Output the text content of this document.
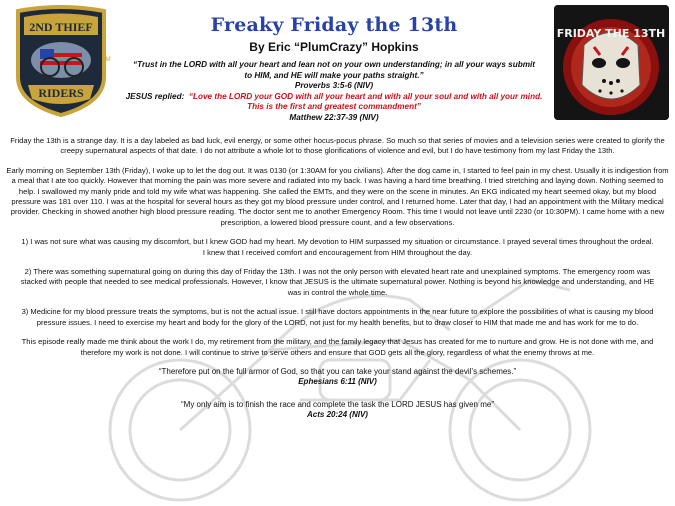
2ND THIEF
TM
RIDERS
FRIDAY THE 13TH
Freaky Friday the 13th
By Eric “PlumCrazy” Hopkins
“Trust in the LORD with all your heart and lean not on your own understanding; in all your ways submit
to HIM, and HE will make your paths straight.”
Proverbs 3:5-6 (NIV)
JESUS replied: “Love the LORD your GOD with all your heart and with all your soul and with all your mind.
This is the first and greatest commandment”
Matthew 22:37-39 (NIV)

Friday the 13th is a strange day. It is a day labeled as bad luck, evil energy, or some other hocus-pocus phrase. So much so that series of movies and a television series were created to glorify the creepy supernatural aspects of that date. I do not attribute a whole lot to those glorifications of violence and evil, but I do have testimony from my last Friday the 13th.

Early morning on September 13th (Friday), I woke up to let the dog out. It was 0130 (or 1:30AM for you civilians). After the dog came in, I started to feel pain in my chest. Usually it is indigestion from a meal that I ate too quickly. However that morning the pain was more severe and radiated into my back. I was having a hard time breathing. I tried stretching and laying down. Nothing seemed to help. I swallowed my manly pride and told my wife what was happening. She called the EMTs, and they were on the scene in minutes. An EKG indicated my heart seemed okay, but my blood pressure was 181 over 110. I was at the hospital for several hours as they got my blood pressure under control, and I returned home. Later that day, I had an appointment with the Military medical provider. Checking in showed another high blood pressure reading. The doctor sent me to another Emergency Room. This time I would not leave until 2230 (or 10:30PM). I came home with a new prescription, a lowered blood pressure count, and a few observations.

1) I was not sure what was causing my discomfort, but I knew GOD had my heart. My devotion to HIM surpassed my situation or circumstance. I prayed several times throughout the ordeal. I knew that I received comfort and encouragement from HIM throughout the day.

2) There was something supernatural going on during this day of Friday the 13th. I was not the only person with elevated heart rate and unexplained symptoms. The emergency room was stacked with people that needed to see medical professionals. However, I know that JESUS is the ultimate supernatural power. Nothing is beyond his knowledge and understanding, and HE was in control the whole time.

3) Medicine for my blood pressure treats the symptoms, but is not the actual issue. I still have doctors appointments in the near future to explore the possibilities of what is causing my blood pressure issues. I need to exercise my heart and body for the glory of the LORD, not just for my health benefits, but to draw closer to HIM that made me and has work for me to do.

This episode really made me think about the work I do, my retirement from the military, and the family legacy that Jesus has created for me to nurture and grow. He is not done with me, and therefore my work is not done. I will continue to strive to serve others and ensure that GOD gets all the glory, regardless of what the enemy throws at me.

“Therefore put on the full armor of God, so that you can take your stand against the devil’s schemes.”
Ephesians 6:11 (NIV)
“My only aim is to finish the race and complete the task the LORD JESUS has given me”
Acts 20:24 (NIV)
